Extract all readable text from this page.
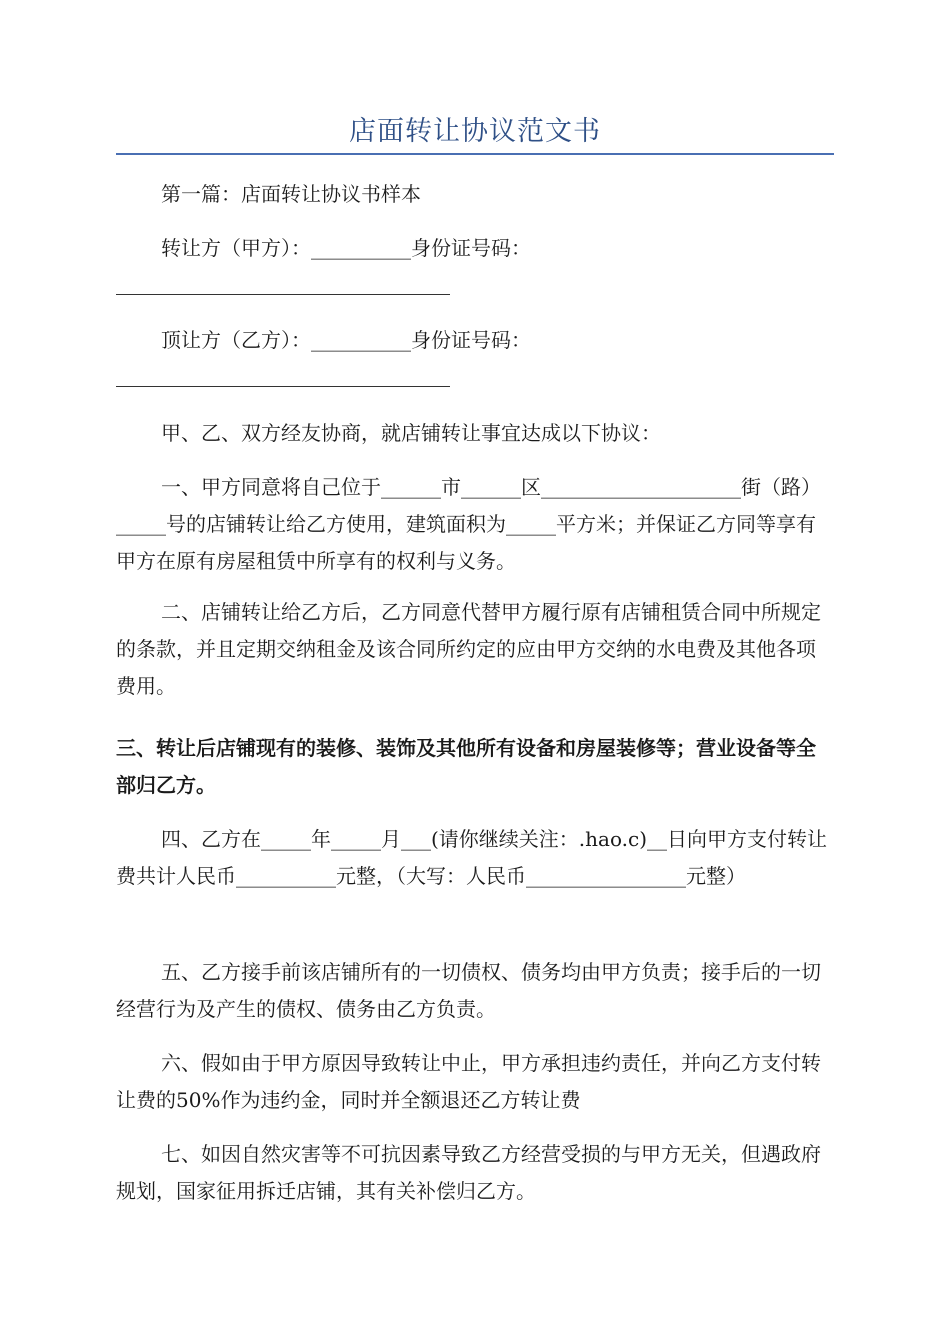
店面转让协议范文书

第一篇：店面转让协议书样本

转让方（甲方）：__________身份证号码：

顶让方（乙方）：__________身份证号码：

甲、乙、双方经友协商，就店铺转让事宜达成以下协议：

一、甲方同意将自己位于______市______区____________________街（路）_____号的店铺转让给乙方使用，建筑面积为_____平方米；并保证乙方同等享有甲方在原有房屋租赁中所享有的权利与义务。

二、店铺转让给乙方后，乙方同意代替甲方履行原有店铺租赁合同中所规定的条款，并且定期交纳租金及该合同所约定的应由甲方交纳的水电费及其他各项费用。

三、转让后店铺现有的装修、装饰及其他所有设备和房屋装修等；营业设备等全部归乙方。

四、乙方在_____年_____月___(请你继续关注：.hao.c)__日向甲方支付转让费共计人民币__________元整，（大写：人民币________________元整）

五、乙方接手前该店铺所有的一切债权、债务均由甲方负责；接手后的一切经营行为及产生的债权、债务由乙方负责。

六、假如由于甲方原因导致转让中止，甲方承担违约责任，并向乙方支付转让费的50%作为违约金，同时并全额退还乙方转让费

七、如因自然灾害等不可抗因素导致乙方经营受损的与甲方无关，但遇政府规划，国家征用拆迁店铺，其有关补偿归乙方。
